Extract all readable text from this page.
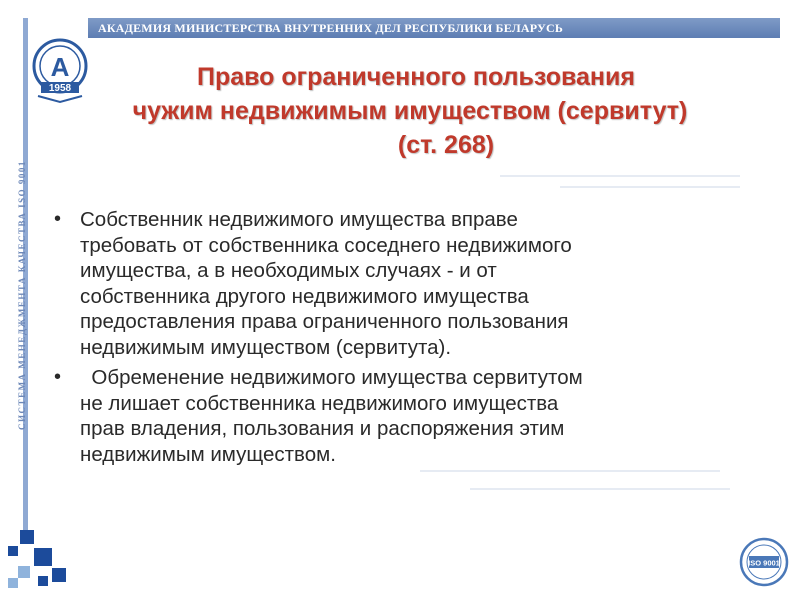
АКАДЕМИЯ МИНИСТЕРСТВА ВНУТРЕННИХ ДЕЛ РЕСПУБЛИКИ БЕЛАРУСЬ
СИСТЕМА МЕНЕДЖМЕНТА КАЧЕСТВА ISO 9001
А
1958	Право ограниченного пользования
чужим недвижимым имуществом (сервитут)
(ст. 268)
• Собственник недвижимого имущества вправе
требовать от собственника соседнего недвижимого
имущества, а в необходимых случаях - и от
собственника другого недвижимого имущества
предоставления права ограниченного пользования
недвижимым имуществом (сервитута).
• Обременение недвижимого имущества сервитутом
не лишает собственника недвижимого имущества
прав владения, пользования и распоряжения этим
недвижимым имуществом.
ISO 9001
